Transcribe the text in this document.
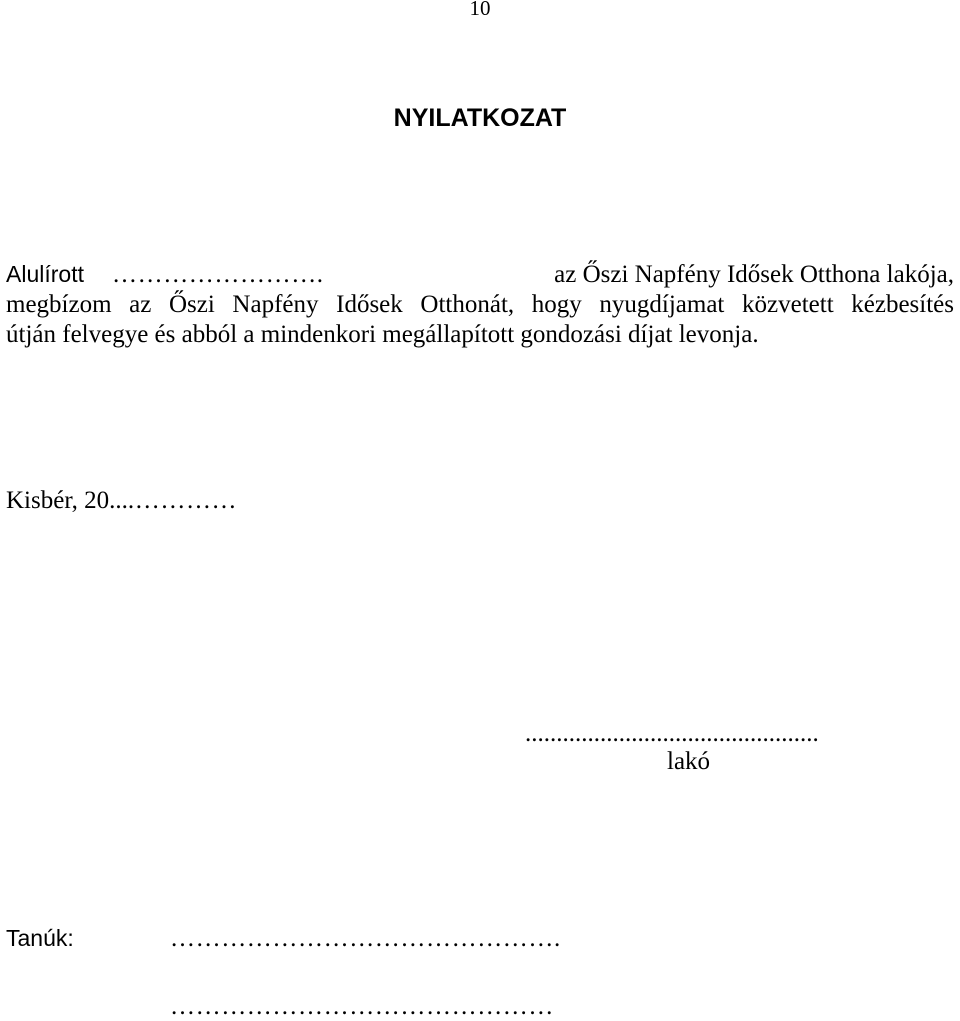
10
NYILATKOZAT
Alulírott …………………….	az Őszi Napfény Idősek Otthona lakója,
megbízom az Őszi Napfény Idősek Otthonát, hogy nyugdíjamat közvetett kézbesítés
útján felvegye és abból a mindenkori megállapított gondozási díjat levonja.
Kisbér, 20....…………
...............................................
lakó
Tanúk:	……………………………………….
………………………………………
